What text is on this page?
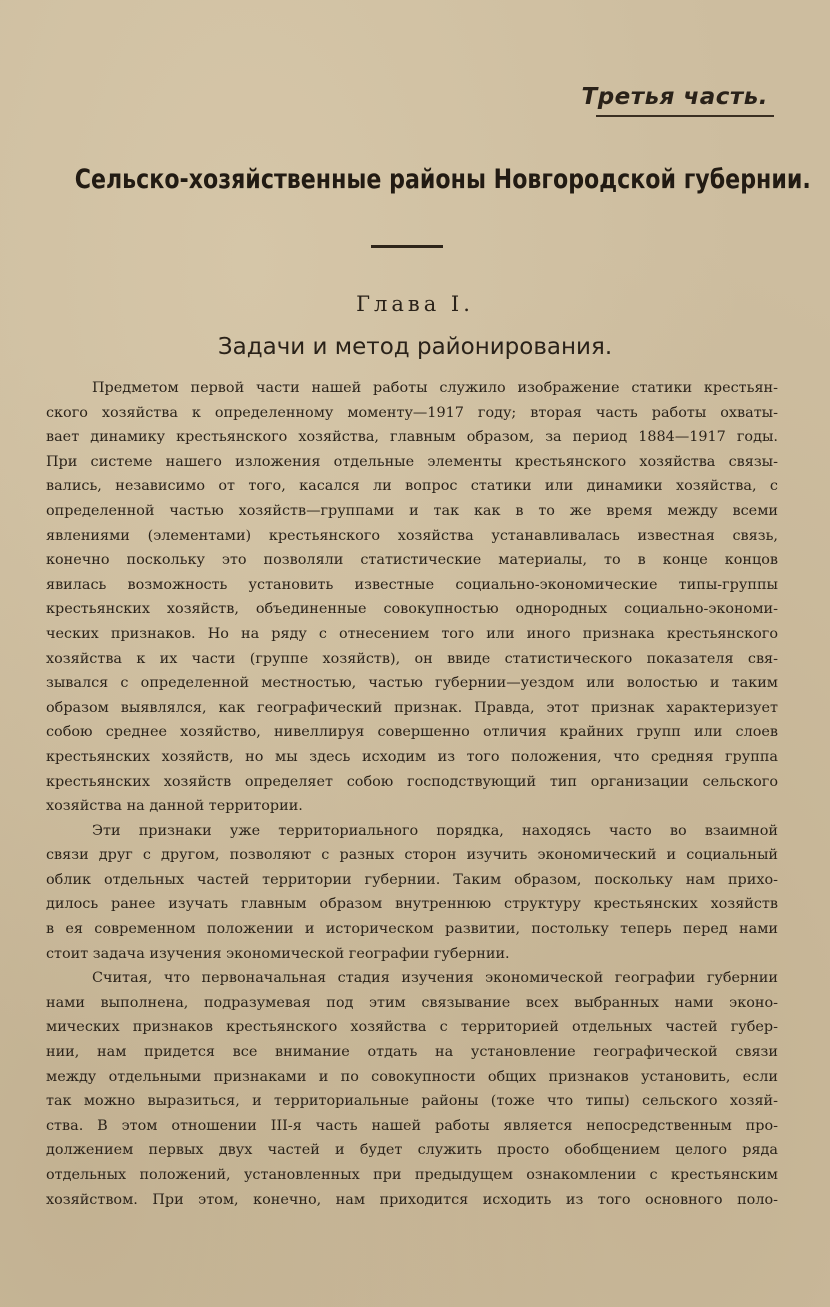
Третья часть.
Сельско-хозяйственные районы Новгородской губернии.
Глава I.
Задачи и метод районирования.

Предметом первой части нашей работы служило изображение статики крестьян-
ского хозяйства к определенному моменту—1917 году; вторая часть работы охваты-
вает динамику крестьянского хозяйства, главным образом, за период 1884—1917 годы.
При системе нашего изложения отдельные элементы крестьянского хозяйства связы-
вались, независимо от того, касался ли вопрос статики или динамики хозяйства, с
определенной частью хозяйств—группами и так как в то же время между всеми
явлениями (элементами) крестьянского хозяйства устанавливалась известная связь,
конечно поскольку это позволяли статистические материалы, то в конце концов
явилась возможность установить известные социально-экономические типы-группы
крестьянских хозяйств, объединенные совокупностью однородных социально-экономи-
ческих признаков. Но на ряду с отнесением того или иного признака крестьянского
хозяйства к их части (группе хозяйств), он ввиде статистического показателя свя-
зывался с определенной местностью, частью губернии—уездом или волостью и таким
образом выявлялся, как географический признак. Правда, этот признак характеризует
собою среднее хозяйство, нивеллируя совершенно отличия крайних групп или слоев
крестьянских хозяйств, но мы здесь исходим из того положения, что средняя группа
крестьянских хозяйств определяет собою господствующий тип организации сельского
хозяйства на данной территории.

Эти признаки уже территориального порядка, находясь часто во взаимной
связи друг с другом, позволяют с разных сторон изучить экономический и социальный
облик отдельных частей территории губернии. Таким образом, поскольку нам прихо-
дилось ранее изучать главным образом внутреннюю структуру крестьянских хозяйств
в ея современном положении и историческом развитии, постольку теперь перед нами
стоит задача изучения экономической географии губернии.

Считая, что первоначальная стадия изучения экономической географии губернии
нами выполнена, подразумевая под этим связывание всех выбранных нами эконо-
мических признаков крестьянского хозяйства с территорией отдельных частей губер-
нии, нам придется все внимание отдать на установление географической связи
между отдельными признаками и по совокупности общих признаков установить, если
так можно выразиться, и территориальные районы (тоже что типы) сельского хозяй-
ства. В этом отношении III-я часть нашей работы является непосредственным про-
должением первых двух частей и будет служить просто обобщением целого ряда
отдельных положений, установленных при предыдущем ознакомлении с крестьянским
хозяйством. При этом, конечно, нам приходится исходить из того основного поло-
